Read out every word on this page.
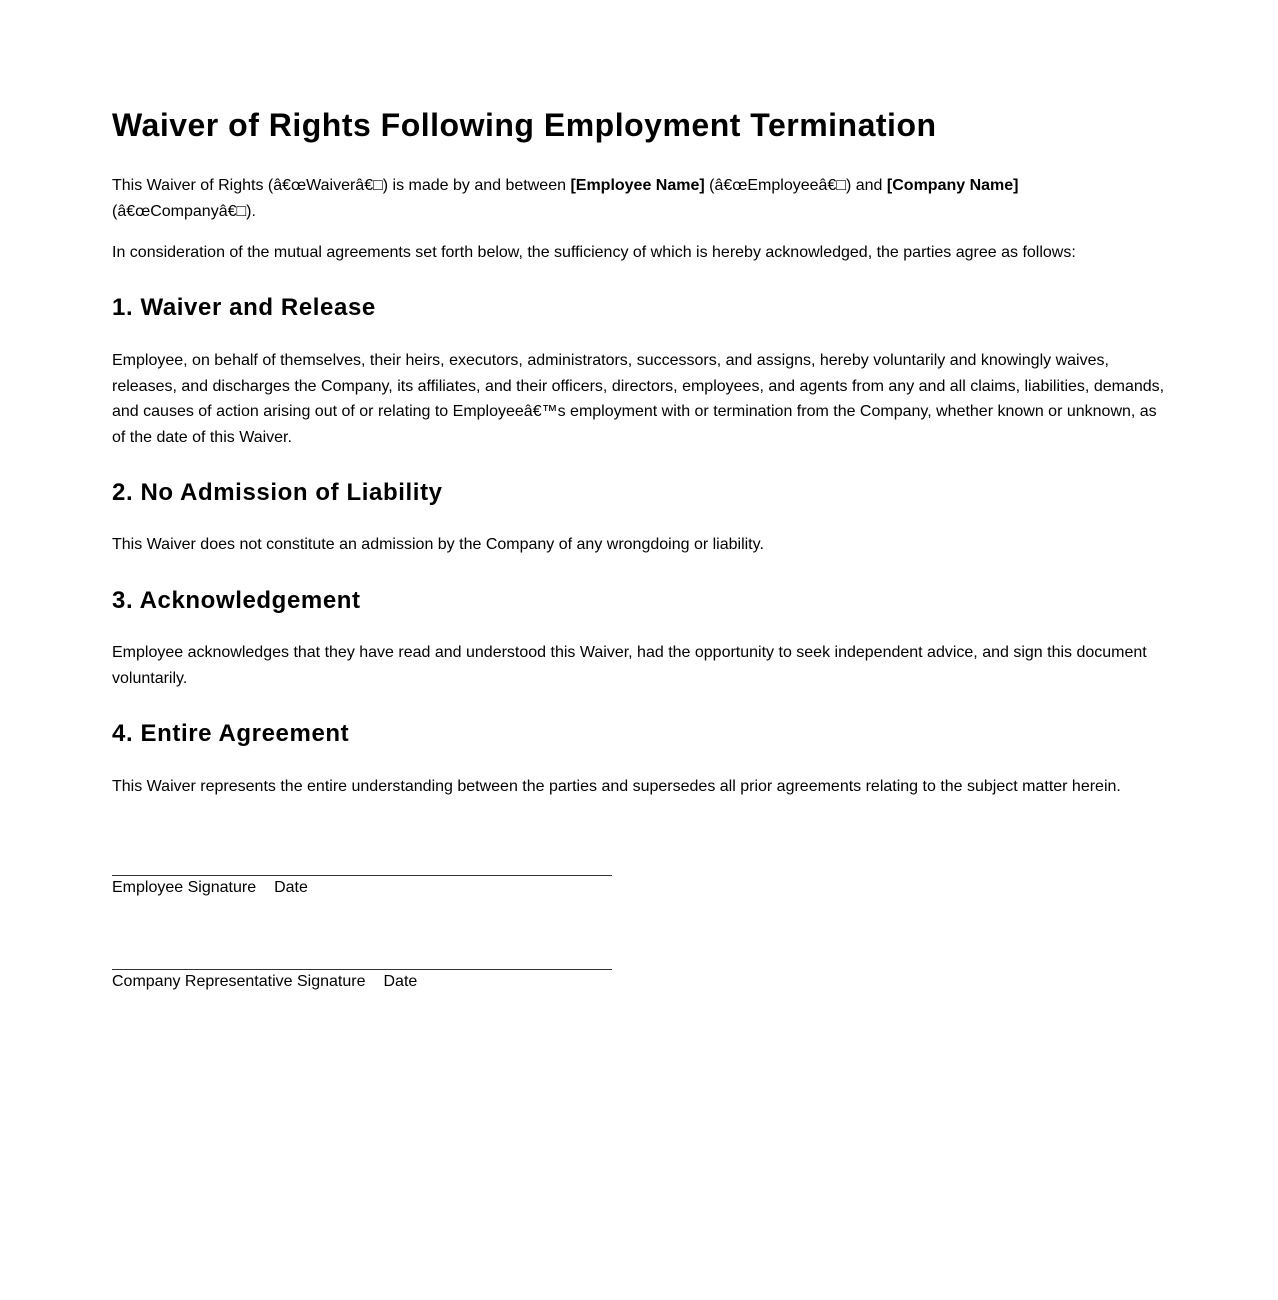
Waiver of Rights Following Employment Termination

This Waiver of Rights (â€œWaiverâ€□) is made by and between [Employee Name] (â€œEmployeeâ€□) and [Company Name]
(â€œCompanyâ€□).

In consideration of the mutual agreements set forth below, the sufficiency of which is hereby acknowledged, the parties agree as follows:

1. Waiver and Release

Employee, on behalf of themselves, their heirs, executors, administrators, successors, and assigns, hereby voluntarily and knowingly waives, releases, and discharges the Company, its affiliates, and their officers, directors, employees, and agents from any and all claims, liabilities, demands, and causes of action arising out of or relating to Employeeâ€™s employment with or termination from the Company, whether known or unknown, as of the date of this Waiver.

2. No Admission of Liability

This Waiver does not constitute an admission by the Company of any wrongdoing or liability.

3. Acknowledgement

Employee acknowledges that they have read and understood this Waiver, had the opportunity to seek independent advice, and sign this document voluntarily.

4. Entire Agreement

This Waiver represents the entire understanding between the parties and supersedes all prior agreements relating to the subject matter herein.

Employee Signature Date
Company Representative Signature Date
